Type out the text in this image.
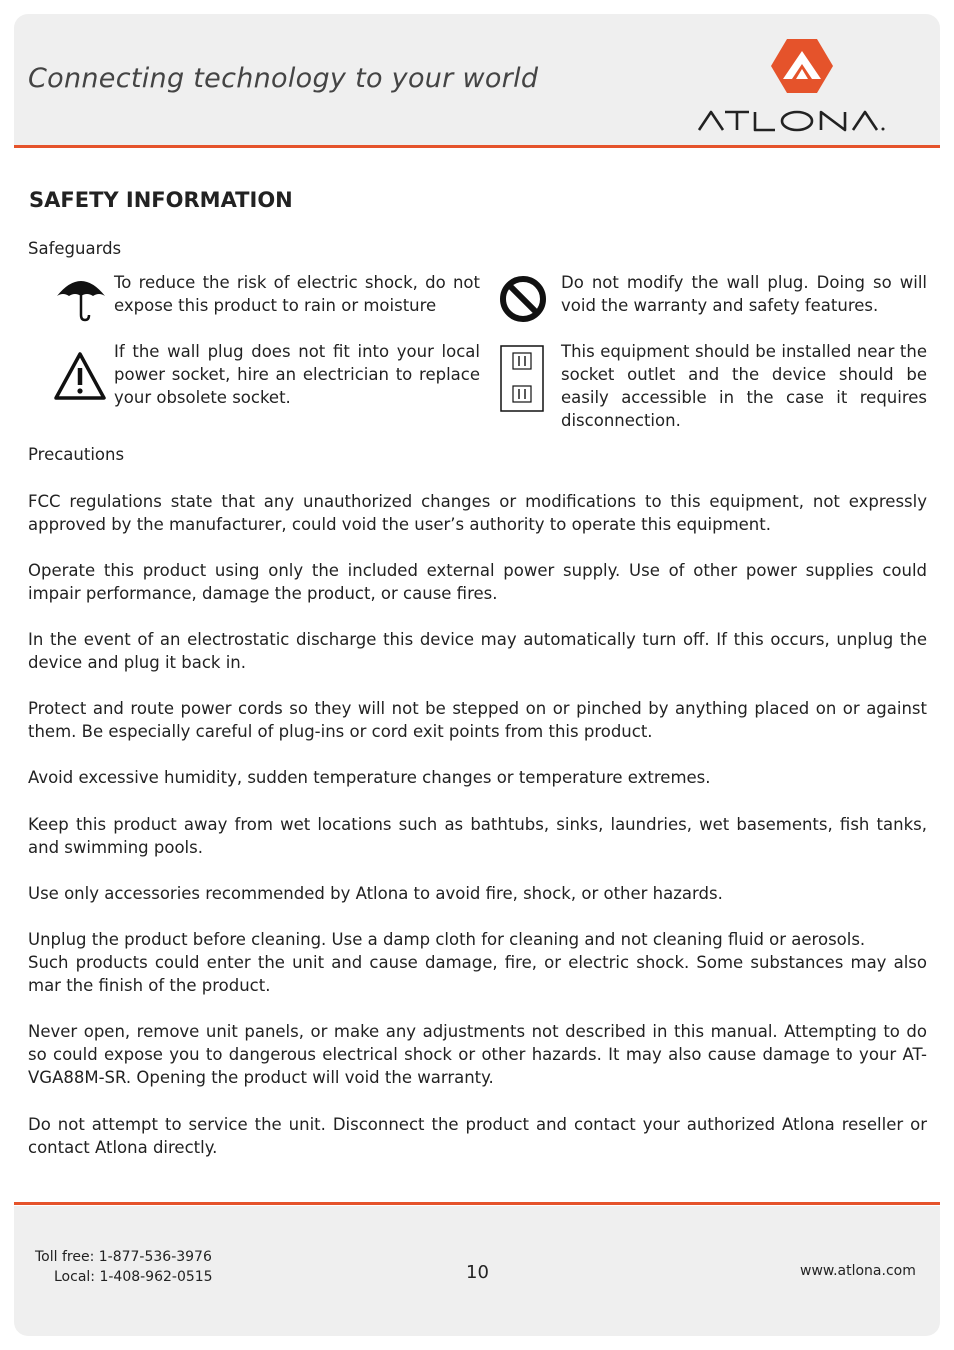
Connecting technology to your world
SAFETY INFORMATION
Safeguards
To reduce the risk of electric shock, do not expose this product to rain or moisture
Do not modify the wall plug. Doing so will void the warranty and safety features.
If the wall plug does not fit into your local power socket, hire an electrician to replace your obsolete socket.
This equipment should be installed near the socket outlet and the device should be easily accessible in the case it requires disconnection.
Precautions
FCC regulations state that any unauthorized changes or modifications to this equipment, not expressly approved by the manufacturer, could void the user’s authority to operate this equipment.
Operate this product using only the included external power supply. Use of other power supplies could impair performance, damage the product, or cause fires.
In the event of an electrostatic discharge this device may automatically turn off. If this occurs, unplug the device and plug it back in.
Protect and route power cords so they will not be stepped on or pinched by anything placed on or against them. Be especially careful of plug-ins or cord exit points from this product.
Avoid excessive humidity, sudden temperature changes or temperature extremes.
Keep this product away from wet locations such as bathtubs, sinks, laundries, wet basements, fish tanks, and swimming pools.
Use only accessories recommended by Atlona to avoid fire, shock, or other hazards.
Unplug the product before cleaning. Use a damp cloth for cleaning and not cleaning fluid or aerosols.
Such products could enter the unit and cause damage, fire, or electric shock. Some substances may also mar the finish of the product.
Never open, remove unit panels, or make any adjustments not described in this manual. Attempting to do so could expose you to dangerous electrical shock or other hazards. It may also cause damage to your AT-VGA88M-SR. Opening the product will void the warranty.
Do not attempt to service the unit. Disconnect the product and contact your authorized Atlona reseller or contact Atlona directly.
Toll free: 1-877-536-3976
Local: 1-408-962-0515	10	www.atlona.com
